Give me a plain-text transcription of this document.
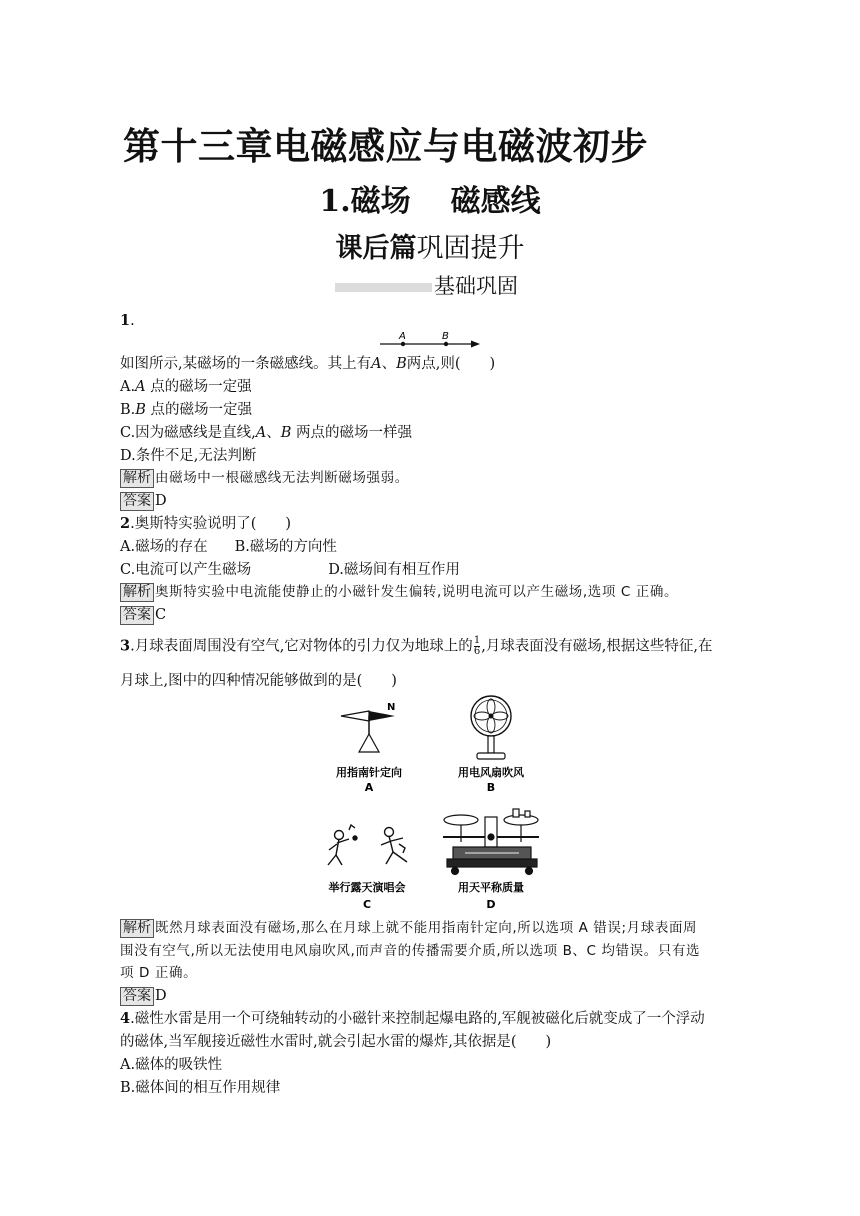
第十三章电磁感应与电磁波初步
1.磁场 磁感线
课后篇巩固提升
基础巩固
1.
A	B
如图所示,某磁场的一条磁感线。其上有A、B两点,则(　　)
A.A 点的磁场一定强
B.B 点的磁场一定强
C.因为磁感线是直线,A、B 两点的磁场一样强
D.条件不足,无法判断
解析 由磁场中一根磁感线无法判断磁场强弱。
答案 D
2.奥斯特实验说明了(　　)
A.磁场的存在 B.磁场的方向性
C.电流可以产生磁场	D.磁场间有相互作用
解析 奥斯特实验中电流能使静止的小磁针发生偏转,说明电流可以产生磁场,选项 C 正确。
答案 C
3.月球表面周围没有空气,它对物体的引力仅为地球上的 $\frac{1}{6}$ ,月球表面没有磁场,根据这些特征,在
月球上,图中的四种情况能够做到的是(　　)
N
用指南针定向
A
用电风扇吹风
B
举行露天演唱会
C
用天平称质量
D
解析 既然月球表面没有磁场,那么在月球上就不能用指南针定向,所以选项 A 错误;月球表面周
围没有空气,所以无法使用电风扇吹风,而声音的传播需要介质,所以选项 B、C 均错误。只有选
项 D 正确。
答案 D
4.磁性水雷是用一个可绕轴转动的小磁针来控制起爆电路的,军舰被磁化后就变成了一个浮动
的磁体,当军舰接近磁性水雷时,就会引起水雷的爆炸,其依据是(　　)
A.磁体的吸铁性
B.磁体间的相互作用规律
